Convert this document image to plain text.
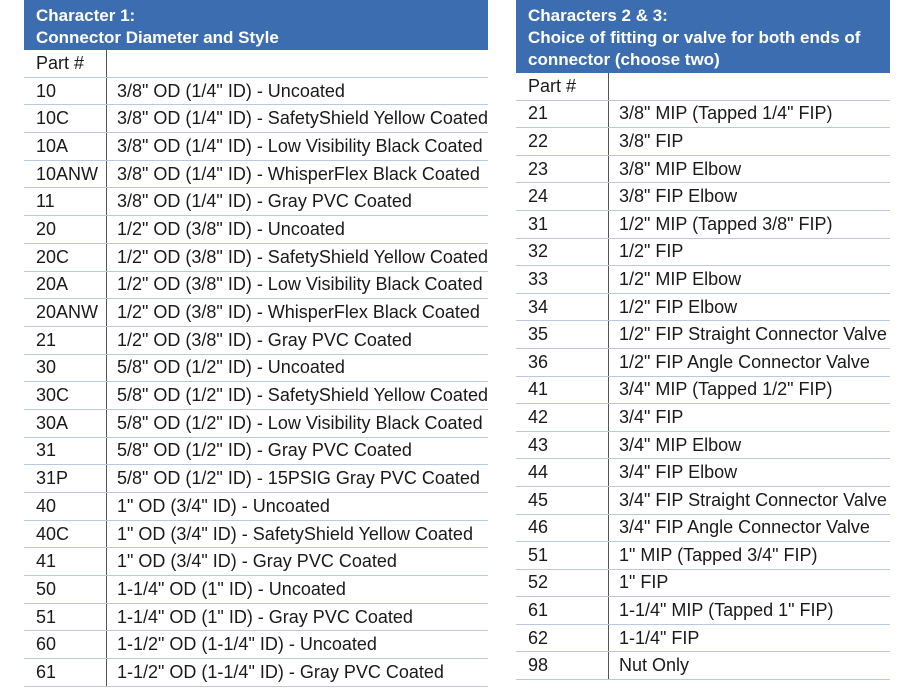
Character 1:
Connector Diameter and Style
Part #	
10	3/8" OD (1/4" ID) - Uncoated
10C	3/8" OD (1/4" ID) - SafetyShield Yellow Coated
10A	3/8" OD (1/4" ID) - Low Visibility Black Coated
10ANW	3/8" OD (1/4" ID) - WhisperFlex Black Coated
11	3/8" OD (1/4" ID) - Gray PVC Coated
20	1/2" OD (3/8" ID) - Uncoated
20C	1/2" OD (3/8" ID) - SafetyShield Yellow Coated
20A	1/2" OD (3/8" ID) - Low Visibility Black Coated
20ANW	1/2" OD (3/8" ID) - WhisperFlex Black Coated
21	1/2" OD (3/8" ID) - Gray PVC Coated
30	5/8" OD (1/2" ID) - Uncoated
30C	5/8" OD (1/2" ID) - SafetyShield Yellow Coated
30A	5/8" OD (1/2" ID) - Low Visibility Black Coated
31	5/8" OD (1/2" ID) - Gray PVC Coated
31P	5/8" OD (1/2" ID) - 15PSIG Gray PVC Coated
40	1" OD (3/4" ID) - Uncoated
40C	1" OD (3/4" ID) - SafetyShield Yellow Coated
41	1" OD (3/4" ID) - Gray PVC Coated
50	1-1/4" OD (1" ID) - Uncoated
51	1-1/4" OD (1" ID) - Gray PVC Coated
60	1-1/2" OD (1-1/4" ID) - Uncoated
61	1-1/2" OD (1-1/4" ID) - Gray PVC Coated
Characters 2 & 3:
Choice of fitting or valve for both ends of
connector (choose two)
Part #	
21	3/8" MIP (Tapped 1/4" FIP)
22	3/8" FIP
23	3/8" MIP Elbow
24	3/8" FIP Elbow
31	1/2" MIP (Tapped 3/8" FIP)
32	1/2" FIP
33	1/2" MIP Elbow
34	1/2" FIP Elbow
35	1/2" FIP Straight Connector Valve
36	1/2" FIP Angle Connector Valve
41	3/4" MIP (Tapped 1/2" FIP)
42	3/4" FIP
43	3/4" MIP Elbow
44	3/4" FIP Elbow
45	3/4" FIP Straight Connector Valve
46	3/4" FIP Angle Connector Valve
51	1" MIP (Tapped 3/4" FIP)
52	1" FIP
61	1-1/4" MIP (Tapped 1" FIP)
62	1-1/4" FIP
98	Nut Only
